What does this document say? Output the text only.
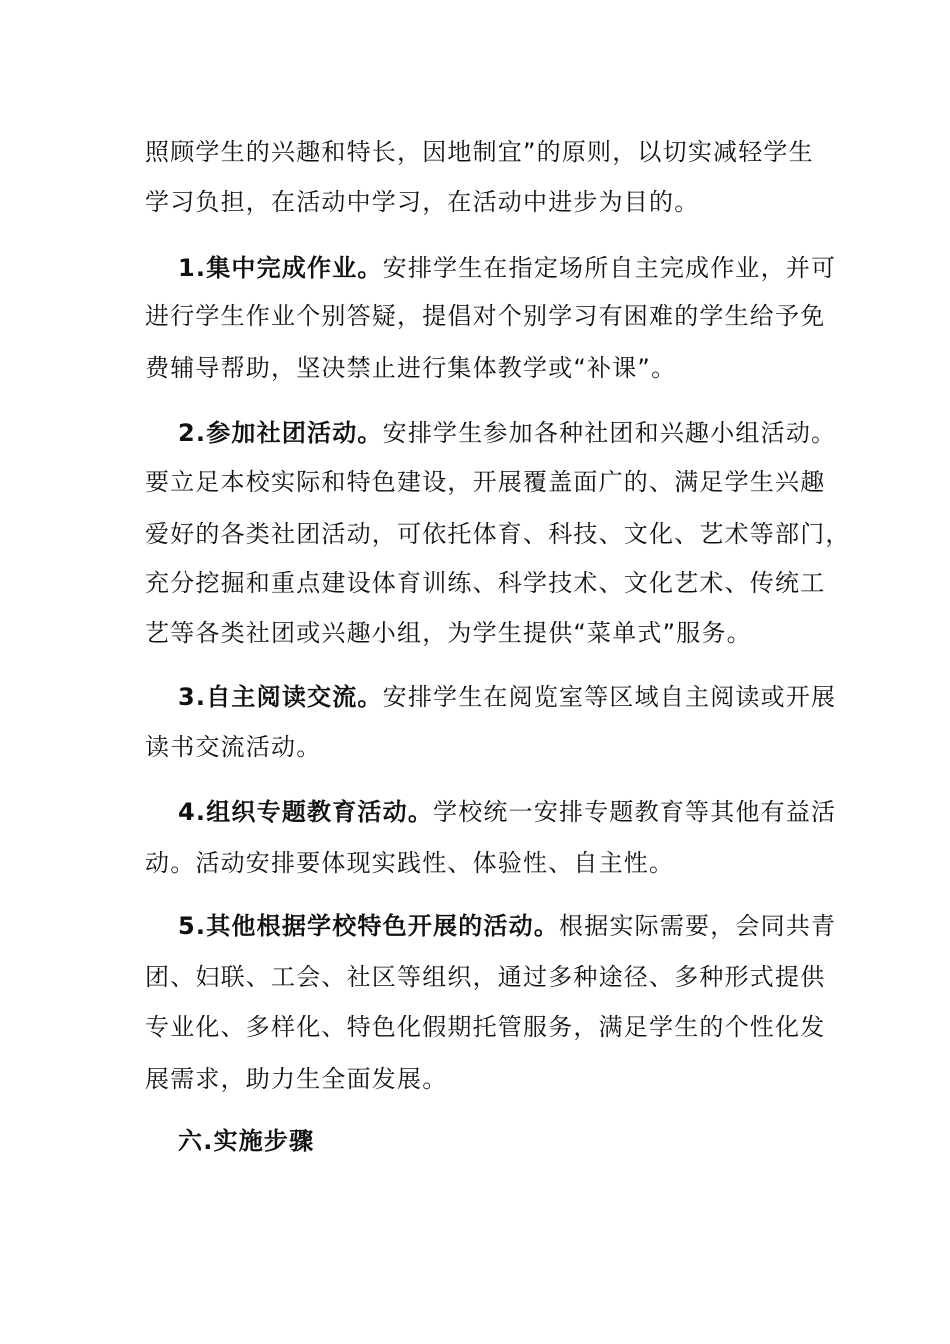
照顾学生的兴趣和特长，因地制宜”的原则，以切实减轻学生
学习负担，在活动中学习，在活动中进步为目的。
1.集中完成作业。安排学生在指定场所自主完成作业，并可
进行学生作业个别答疑，提倡对个别学习有困难的学生给予免
费辅导帮助，坚决禁止进行集体教学或“补课”。
2.参加社团活动。安排学生参加各种社团和兴趣小组活动。
要立足本校实际和特色建设，开展覆盖面广的、满足学生兴趣
爱好的各类社团活动，可依托体育、科技、文化、艺术等部门，
充分挖掘和重点建设体育训练、科学技术、文化艺术、传统工
艺等各类社团或兴趣小组，为学生提供“菜单式”服务。
3.自主阅读交流。安排学生在阅览室等区域自主阅读或开展
读书交流活动。
4.组织专题教育活动。学校统一安排专题教育等其他有益活
动。活动安排要体现实践性、体验性、自主性。
5.其他根据学校特色开展的活动。根据实际需要，会同共青
团、妇联、工会、社区等组织，通过多种途径、多种形式提供
专业化、多样化、特色化假期托管服务，满足学生的个性化发
展需求，助力生全面发展。
六.实施步骤
